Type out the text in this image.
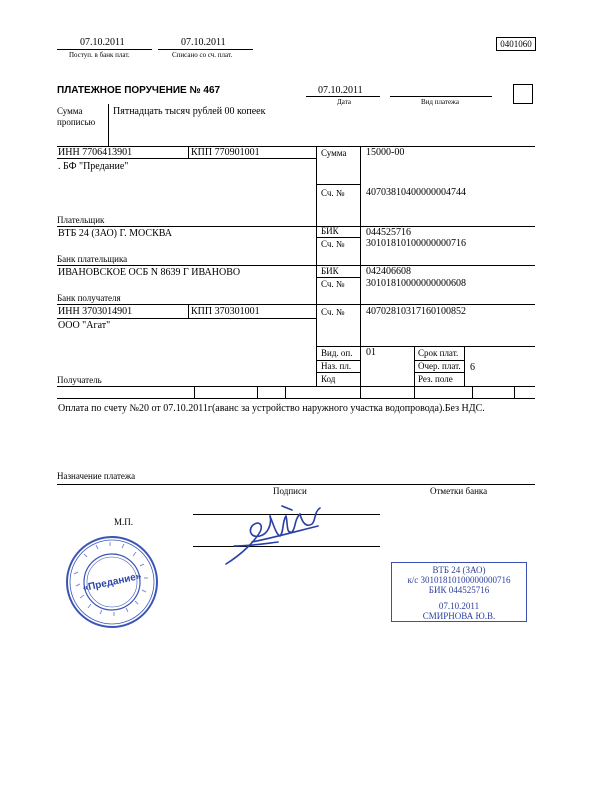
07.10.2011
Поступ. в банк плат.
07.10.2011
Списано со сч. плат.
0401060
ПЛАТЕЖНОЕ ПОРУЧЕНИЕ № 467	07.10.2011
Дата	Вид платежа
Сумма
прописью
Пятнадцать тысяч рублей 00 копеек
ИНН 7706413901	КПП 770901001
. БФ "Предание"
Плательщик
Сумма 15000-00
Сч. № 40703810400000004744
ВТБ 24 (ЗАО) Г. МОСКВА
Банк плательщика
БИК	044525716
Сч. № 30101810100000000716
ИВАНОВСКОЕ ОСБ N 8639 Г ИВАНОВО
Банк получателя
БИК	042406608
Сч. № 30101810000000000608
ИНН 3703014901	КПП 370301001
ООО "Агат"
Получатель
Сч. № 40702810317160100852
Вид. оп. 01	Срок плат.
Наз. пл.	Очер. плат. 6
Код	Рез. поле
Оплата по счету №20 от 07.10.2011г(аванс за устройство наружного участка водопровода).Без НДС.
Назначение платежа
Подписи	Отметки банка
М.П.
«Предание»
ВТБ 24 (ЗАО)
к/с 30101810100000000716
БИК 044525716
07.10.2011
СМИРНОВА Ю.В.
